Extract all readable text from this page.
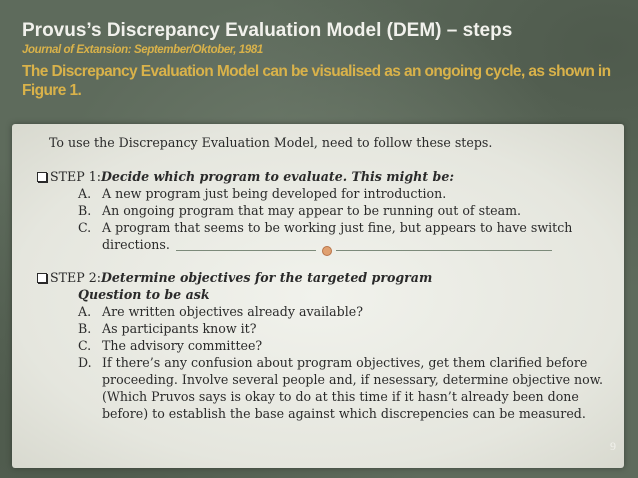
Provus’s Discrepancy Evaluation Model (DEM) – steps
Journal of Extansion: September/Oktober, 1981
The Discrepancy Evaluation Model can be visualised as an ongoing cycle, as shown in Figure 1.
To use the Discrepancy Evaluation Model, need to follow these steps.
STEP 1: Decide which program to evaluate. This might be:
A. A new program just being developed for introduction.
B. An ongoing program that may appear to be running out of steam.
C. A program that seems to be working just fine, but appears to have switch
directions.
STEP 2: Determine objectives for the targeted program
Question to be ask
A. Are written objectives already available?
B. As participants know it?
C. The advisory committee?
D. If there’s any confusion about program objectives, get them clarified before
proceeding. Involve several people and, if nesessary, determine objective now.
(Which Pruvos says is okay to do at this time if it hasn’t already been done
before) to establish the base against which discrepencies can be measured.
9
